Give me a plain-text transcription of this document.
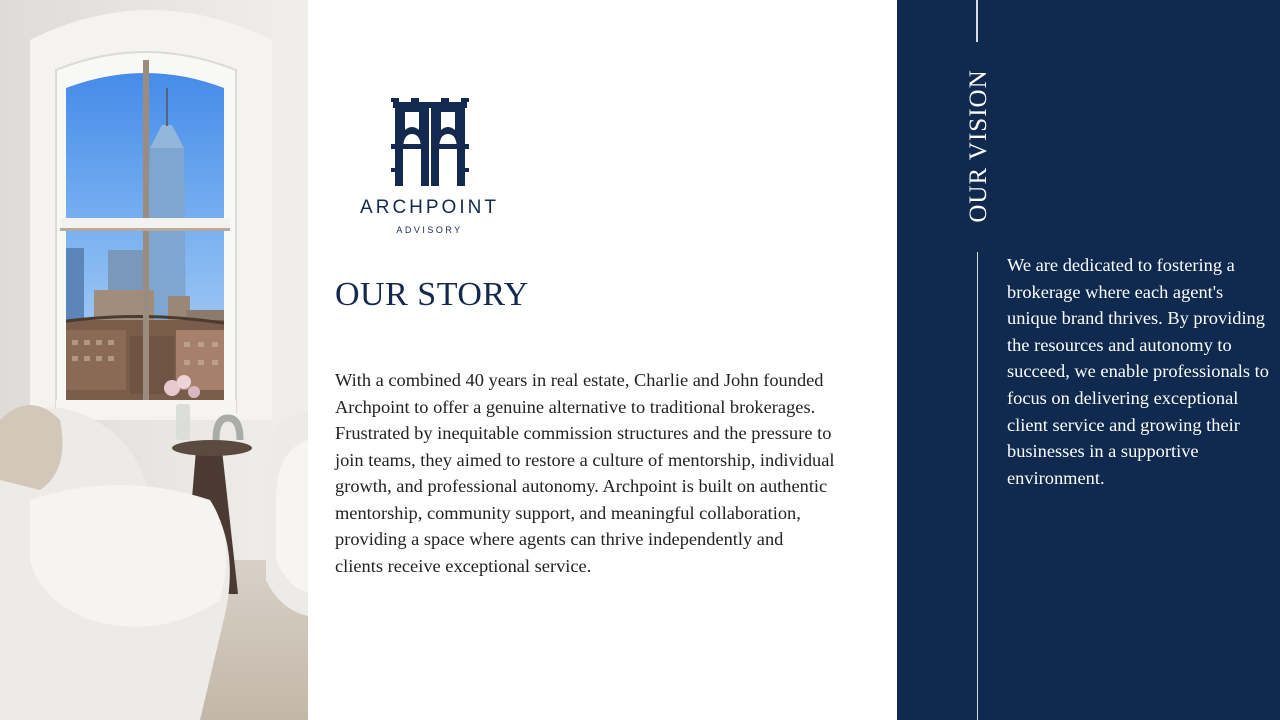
ARCHPOINT
ADVISORY
OUR STORY

With a combined 40 years in real estate, Charlie and John founded Archpoint to offer a genuine alternative to traditional brokerages. Frustrated by inequitable commission structures and the pressure to join teams, they aimed to restore a culture of mentorship, individual growth, and professional autonomy. Archpoint is built on authentic mentorship, community support, and meaningful collaboration, providing a space where agents can thrive independently and clients receive exceptional service.

OUR VISION

We are dedicated to fostering a brokerage where each agent's unique brand thrives. By providing the resources and autonomy to succeed, we enable professionals to focus on delivering exceptional client service and growing their businesses in a supportive environment.
